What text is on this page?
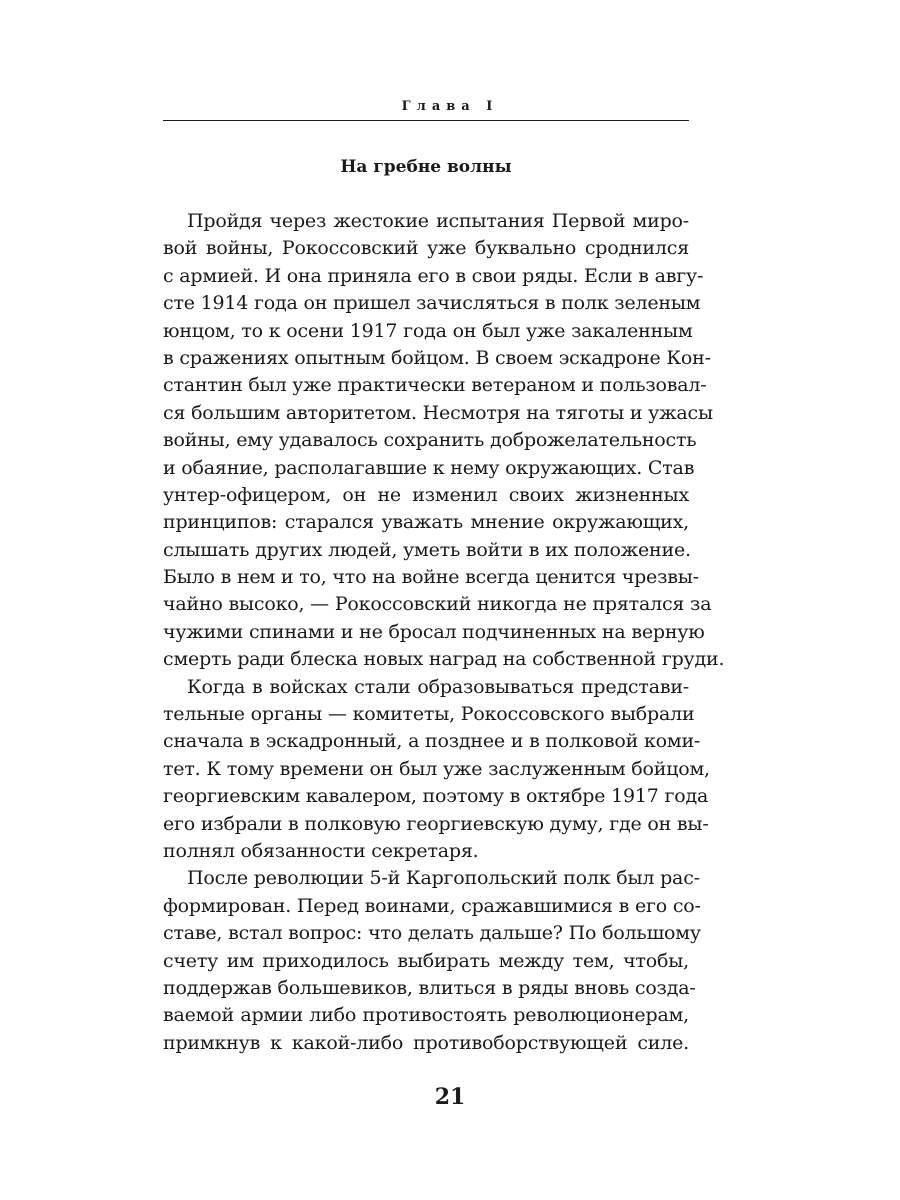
Глава I
На гребне волны
Пройдя через жестокие испытания Первой миро-
вой войны, Рокоссовский уже буквально сроднился
с армией. И она приняла его в свои ряды. Если в авгу-
сте 1914 года он пришел зачисляться в полк зеленым
юнцом, то к осени 1917 года он был уже закаленным
в сражениях опытным бойцом. В своем эскадроне Кон-
стантин был уже практически ветераном и пользовал-
ся большим авторитетом. Несмотря на тяготы и ужасы
войны, ему удавалось сохранить доброжелательность
и обаяние, располагавшие к нему окружающих. Став
унтер-офицером, он не изменил своих жизненных
принципов: старался уважать мнение окружающих,
слышать других людей, уметь войти в их положение.
Было в нем и то, что на войне всегда ценится чрезвы-
чайно высоко, — Рокоссовский никогда не прятался за
чужими спинами и не бросал подчиненных на верную
смерть ради блеска новых наград на собственной груди.
Когда в войсках стали образовываться представи-
тельные органы — комитеты, Рокоссовского выбрали
сначала в эскадронный, а позднее и в полковой коми-
тет. К тому времени он был уже заслуженным бойцом,
георгиевским кавалером, поэтому в октябре 1917 года
его избрали в полковую георгиевскую думу, где он вы-
полнял обязанности секретаря.
После революции 5-й Каргопольский полк был рас-
формирован. Перед воинами, сражавшимися в его со-
ставе, встал вопрос: что делать дальше? По большому
счету им приходилось выбирать между тем, чтобы,
поддержав большевиков, влиться в ряды вновь созда-
ваемой армии либо противостоять революционерам,
примкнув к какой-либо противоборствующей силе.
21
